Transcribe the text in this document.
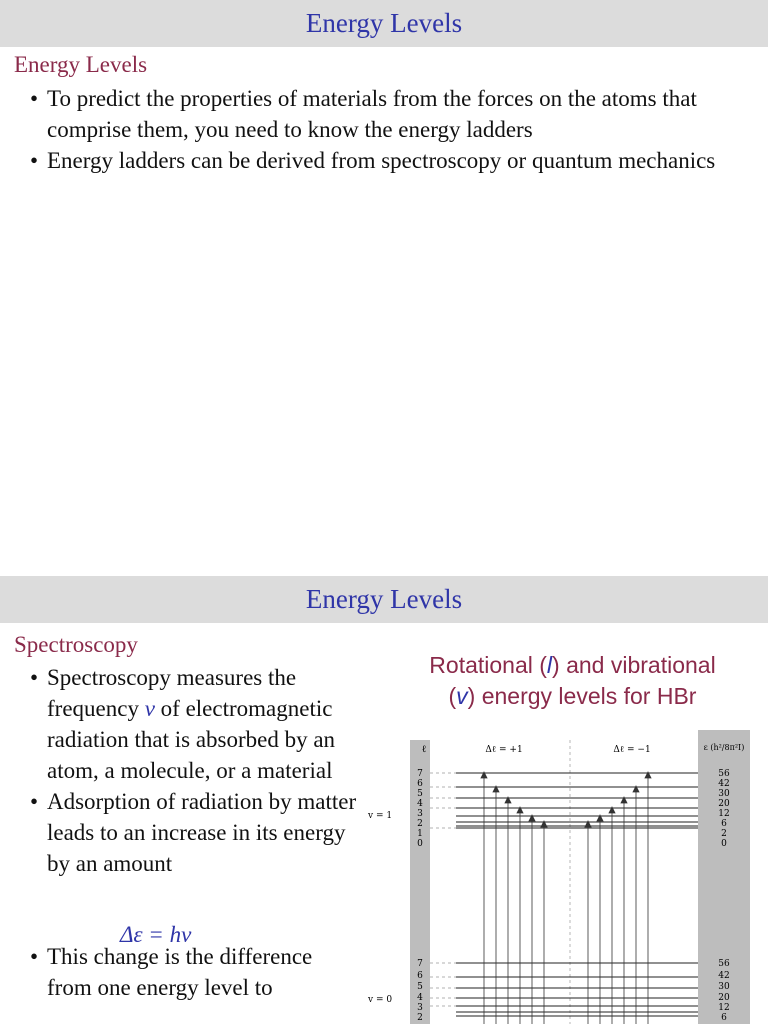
Energy Levels
Energy Levels
• To predict the properties of materials from the forces on the atoms that comprise them, you need to know the energy ladders
• Energy ladders can be derived from spectroscopy or quantum mechanics
Energy Levels
Spectroscopy
• Spectroscopy measures the frequency ν of electromagnetic radiation that is absorbed by an atom, a molecule, or a material
• Adsorption of radiation by matter leads to an increase in its energy by an amount
• This change is the difference from one energy level to
Δε = hν
Rotational (l) and vibrational
(v) energy levels for HBr
ℓ	ε (h²/8π²I)
Δℓ = +1	Δℓ = −1
v = 1
v = 0
7
6
5
4
3
2
1
0
7
6
5
4
3
2
56
42
30
20
12
6
2
0
56
42
30
20
12
6
